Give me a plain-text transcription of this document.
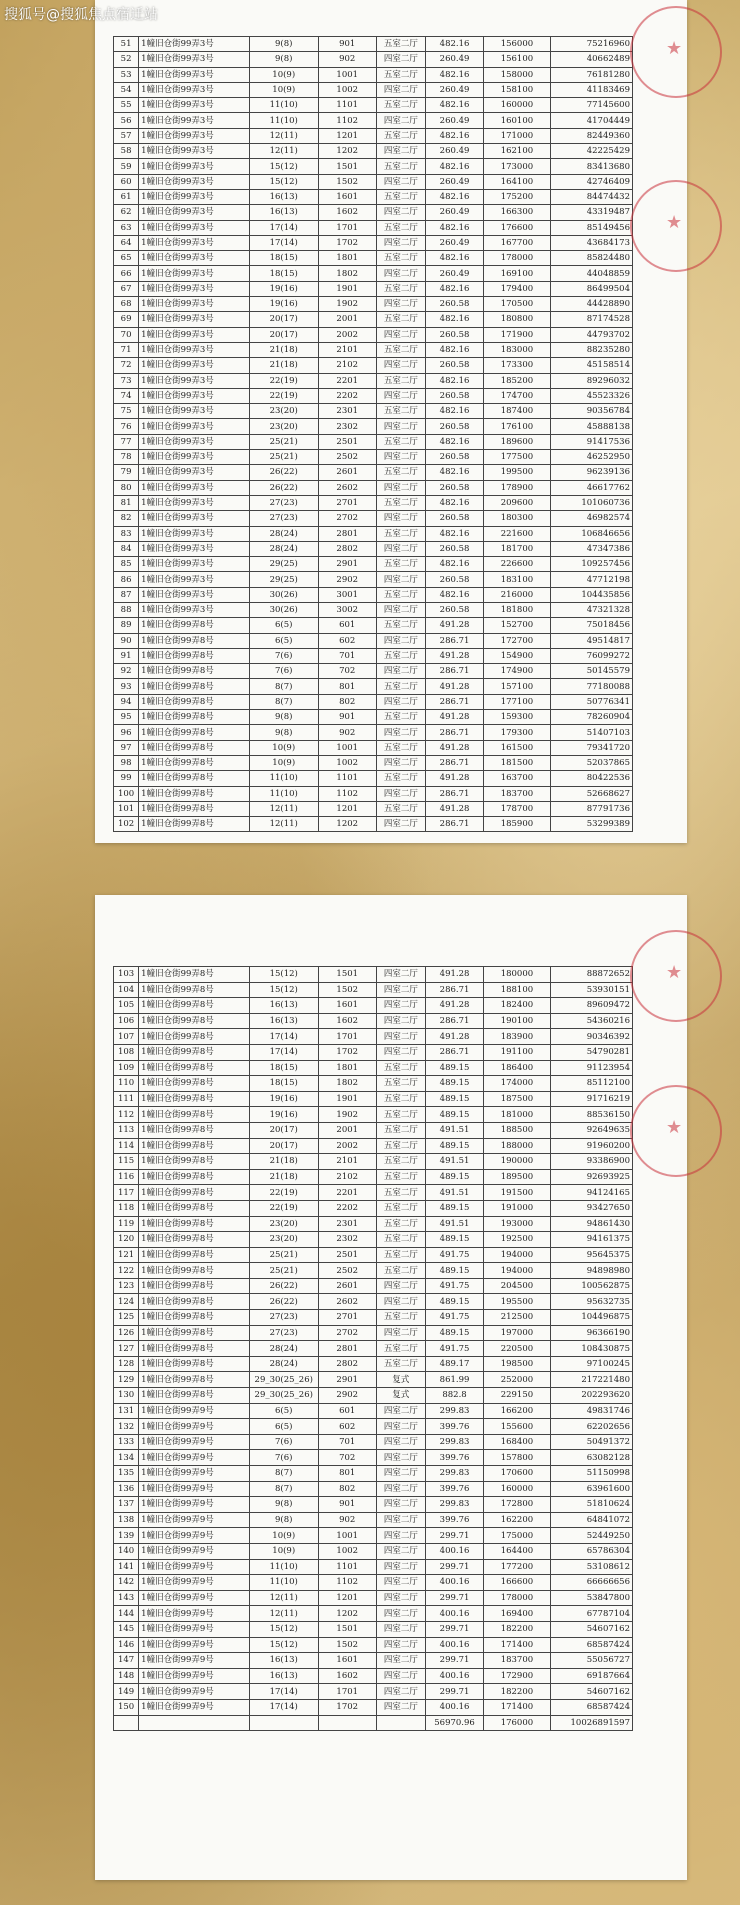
51	1幢旧仓街99弄3号	9(8)	901	五室二厅	482.16	156000	75216960
52	1幢旧仓街99弄3号	9(8)	902	四室二厅	260.49	156100	40662489
53	1幢旧仓街99弄3号	10(9)	1001	五室二厅	482.16	158000	76181280
54	1幢旧仓街99弄3号	10(9)	1002	四室二厅	260.49	158100	41183469
55	1幢旧仓街99弄3号	11(10)	1101	五室二厅	482.16	160000	77145600
56	1幢旧仓街99弄3号	11(10)	1102	四室二厅	260.49	160100	41704449
57	1幢旧仓街99弄3号	12(11)	1201	五室二厅	482.16	171000	82449360
58	1幢旧仓街99弄3号	12(11)	1202	四室二厅	260.49	162100	42225429
59	1幢旧仓街99弄3号	15(12)	1501	五室二厅	482.16	173000	83413680
60	1幢旧仓街99弄3号	15(12)	1502	四室二厅	260.49	164100	42746409
61	1幢旧仓街99弄3号	16(13)	1601	五室二厅	482.16	175200	84474432
62	1幢旧仓街99弄3号	16(13)	1602	四室二厅	260.49	166300	43319487
63	1幢旧仓街99弄3号	17(14)	1701	五室二厅	482.16	176600	85149456
64	1幢旧仓街99弄3号	17(14)	1702	四室二厅	260.49	167700	43684173
65	1幢旧仓街99弄3号	18(15)	1801	五室二厅	482.16	178000	85824480
66	1幢旧仓街99弄3号	18(15)	1802	四室二厅	260.49	169100	44048859
67	1幢旧仓街99弄3号	19(16)	1901	五室二厅	482.16	179400	86499504
68	1幢旧仓街99弄3号	19(16)	1902	四室二厅	260.58	170500	44428890
69	1幢旧仓街99弄3号	20(17)	2001	五室二厅	482.16	180800	87174528
70	1幢旧仓街99弄3号	20(17)	2002	四室二厅	260.58	171900	44793702
71	1幢旧仓街99弄3号	21(18)	2101	五室二厅	482.16	183000	88235280
72	1幢旧仓街99弄3号	21(18)	2102	四室二厅	260.58	173300	45158514
73	1幢旧仓街99弄3号	22(19)	2201	五室二厅	482.16	185200	89296032
74	1幢旧仓街99弄3号	22(19)	2202	四室二厅	260.58	174700	45523326
75	1幢旧仓街99弄3号	23(20)	2301	五室二厅	482.16	187400	90356784
76	1幢旧仓街99弄3号	23(20)	2302	四室二厅	260.58	176100	45888138
77	1幢旧仓街99弄3号	25(21)	2501	五室二厅	482.16	189600	91417536
78	1幢旧仓街99弄3号	25(21)	2502	四室二厅	260.58	177500	46252950
79	1幢旧仓街99弄3号	26(22)	2601	五室二厅	482.16	199500	96239136
80	1幢旧仓街99弄3号	26(22)	2602	四室二厅	260.58	178900	46617762
81	1幢旧仓街99弄3号	27(23)	2701	五室二厅	482.16	209600	101060736
82	1幢旧仓街99弄3号	27(23)	2702	四室二厅	260.58	180300	46982574
83	1幢旧仓街99弄3号	28(24)	2801	五室二厅	482.16	221600	106846656
84	1幢旧仓街99弄3号	28(24)	2802	四室二厅	260.58	181700	47347386
85	1幢旧仓街99弄3号	29(25)	2901	五室二厅	482.16	226600	109257456
86	1幢旧仓街99弄3号	29(25)	2902	四室二厅	260.58	183100	47712198
87	1幢旧仓街99弄3号	30(26)	3001	五室二厅	482.16	216000	104435856
88	1幢旧仓街99弄3号	30(26)	3002	四室二厅	260.58	181800	47321328
89	1幢旧仓街99弄8号	6(5)	601	五室二厅	491.28	152700	75018456
90	1幢旧仓街99弄8号	6(5)	602	四室二厅	286.71	172700	49514817
91	1幢旧仓街99弄8号	7(6)	701	五室二厅	491.28	154900	76099272
92	1幢旧仓街99弄8号	7(6)	702	四室二厅	286.71	174900	50145579
93	1幢旧仓街99弄8号	8(7)	801	五室二厅	491.28	157100	77180088
94	1幢旧仓街99弄8号	8(7)	802	四室二厅	286.71	177100	50776341
95	1幢旧仓街99弄8号	9(8)	901	五室二厅	491.28	159300	78260904
96	1幢旧仓街99弄8号	9(8)	902	四室二厅	286.71	179300	51407103
97	1幢旧仓街99弄8号	10(9)	1001	五室二厅	491.28	161500	79341720
98	1幢旧仓街99弄8号	10(9)	1002	四室二厅	286.71	181500	52037865
99	1幢旧仓街99弄8号	11(10)	1101	五室二厅	491.28	163700	80422536
100	1幢旧仓街99弄8号	11(10)	1102	四室二厅	286.71	183700	52668627
101	1幢旧仓街99弄8号	12(11)	1201	五室二厅	491.28	178700	87791736
102	1幢旧仓街99弄8号	12(11)	1202	四室二厅	286.71	185900	53299389
103	1幢旧仓街99弄8号	15(12)	1501	四室二厅	491.28	180000	88872652
104	1幢旧仓街99弄8号	15(12)	1502	四室二厅	286.71	188100	53930151
105	1幢旧仓街99弄8号	16(13)	1601	四室二厅	491.28	182400	89609472
106	1幢旧仓街99弄8号	16(13)	1602	四室二厅	286.71	190100	54360216
107	1幢旧仓街99弄8号	17(14)	1701	四室二厅	491.28	183900	90346392
108	1幢旧仓街99弄8号	17(14)	1702	四室二厅	286.71	191100	54790281
109	1幢旧仓街99弄8号	18(15)	1801	五室二厅	489.15	186400	91123954
110	1幢旧仓街99弄8号	18(15)	1802	五室二厅	489.15	174000	85112100
111	1幢旧仓街99弄8号	19(16)	1901	五室二厅	489.15	187500	91716219
112	1幢旧仓街99弄8号	19(16)	1902	五室二厅	489.15	181000	88536150
113	1幢旧仓街99弄8号	20(17)	2001	五室二厅	491.51	188500	92649635
114	1幢旧仓街99弄8号	20(17)	2002	五室二厅	489.15	188000	91960200
115	1幢旧仓街99弄8号	21(18)	2101	五室二厅	491.51	190000	93386900
116	1幢旧仓街99弄8号	21(18)	2102	五室二厅	489.15	189500	92693925
117	1幢旧仓街99弄8号	22(19)	2201	五室二厅	491.51	191500	94124165
118	1幢旧仓街99弄8号	22(19)	2202	五室二厅	489.15	191000	93427650
119	1幢旧仓街99弄8号	23(20)	2301	五室二厅	491.51	193000	94861430
120	1幢旧仓街99弄8号	23(20)	2302	五室二厅	489.15	192500	94161375
121	1幢旧仓街99弄8号	25(21)	2501	五室二厅	491.75	194000	95645375
122	1幢旧仓街99弄8号	25(21)	2502	五室二厅	489.15	194000	94898980
123	1幢旧仓街99弄8号	26(22)	2601	四室二厅	491.75	204500	100562875
124	1幢旧仓街99弄8号	26(22)	2602	四室二厅	489.15	195500	95632735
125	1幢旧仓街99弄8号	27(23)	2701	五室二厅	491.75	212500	104496875
126	1幢旧仓街99弄8号	27(23)	2702	四室二厅	489.15	197000	96366190
127	1幢旧仓街99弄8号	28(24)	2801	五室二厅	491.75	220500	108430875
128	1幢旧仓街99弄8号	28(24)	2802	五室二厅	489.17	198500	97100245
129	1幢旧仓街99弄8号	29_30(25_26)	2901	复式	861.99	252000	217221480
130	1幢旧仓街99弄8号	29_30(25_26)	2902	复式	882.8	229150	202293620
131	1幢旧仓街99弄9号	6(5)	601	四室二厅	299.83	166200	49831746
132	1幢旧仓街99弄9号	6(5)	602	四室二厅	399.76	155600	62202656
133	1幢旧仓街99弄9号	7(6)	701	四室二厅	299.83	168400	50491372
134	1幢旧仓街99弄9号	7(6)	702	四室二厅	399.76	157800	63082128
135	1幢旧仓街99弄9号	8(7)	801	四室二厅	299.83	170600	51150998
136	1幢旧仓街99弄9号	8(7)	802	四室二厅	399.76	160000	63961600
137	1幢旧仓街99弄9号	9(8)	901	四室二厅	299.83	172800	51810624
138	1幢旧仓街99弄9号	9(8)	902	四室二厅	399.76	162200	64841072
139	1幢旧仓街99弄9号	10(9)	1001	四室二厅	299.71	175000	52449250
140	1幢旧仓街99弄9号	10(9)	1002	四室二厅	400.16	164400	65786304
141	1幢旧仓街99弄9号	11(10)	1101	四室二厅	299.71	177200	53108612
142	1幢旧仓街99弄9号	11(10)	1102	四室二厅	400.16	166600	66666656
143	1幢旧仓街99弄9号	12(11)	1201	四室二厅	299.71	178000	53847800
144	1幢旧仓街99弄9号	12(11)	1202	四室二厅	400.16	169400	67787104
145	1幢旧仓街99弄9号	15(12)	1501	四室二厅	299.71	182200	54607162
146	1幢旧仓街99弄9号	15(12)	1502	四室二厅	400.16	171400	68587424
147	1幢旧仓街99弄9号	16(13)	1601	四室二厅	299.71	183700	55056727
148	1幢旧仓街99弄9号	16(13)	1602	四室二厅	400.16	172900	69187664
149	1幢旧仓街99弄9号	17(14)	1701	四室二厅	299.71	182200	54607162
150	1幢旧仓街99弄9号	17(14)	1702	四室二厅	400.16	171400	68587424
					56970.96	176000	10026891597
★
★
★
★
搜狐号@搜狐焦点宿迁站
